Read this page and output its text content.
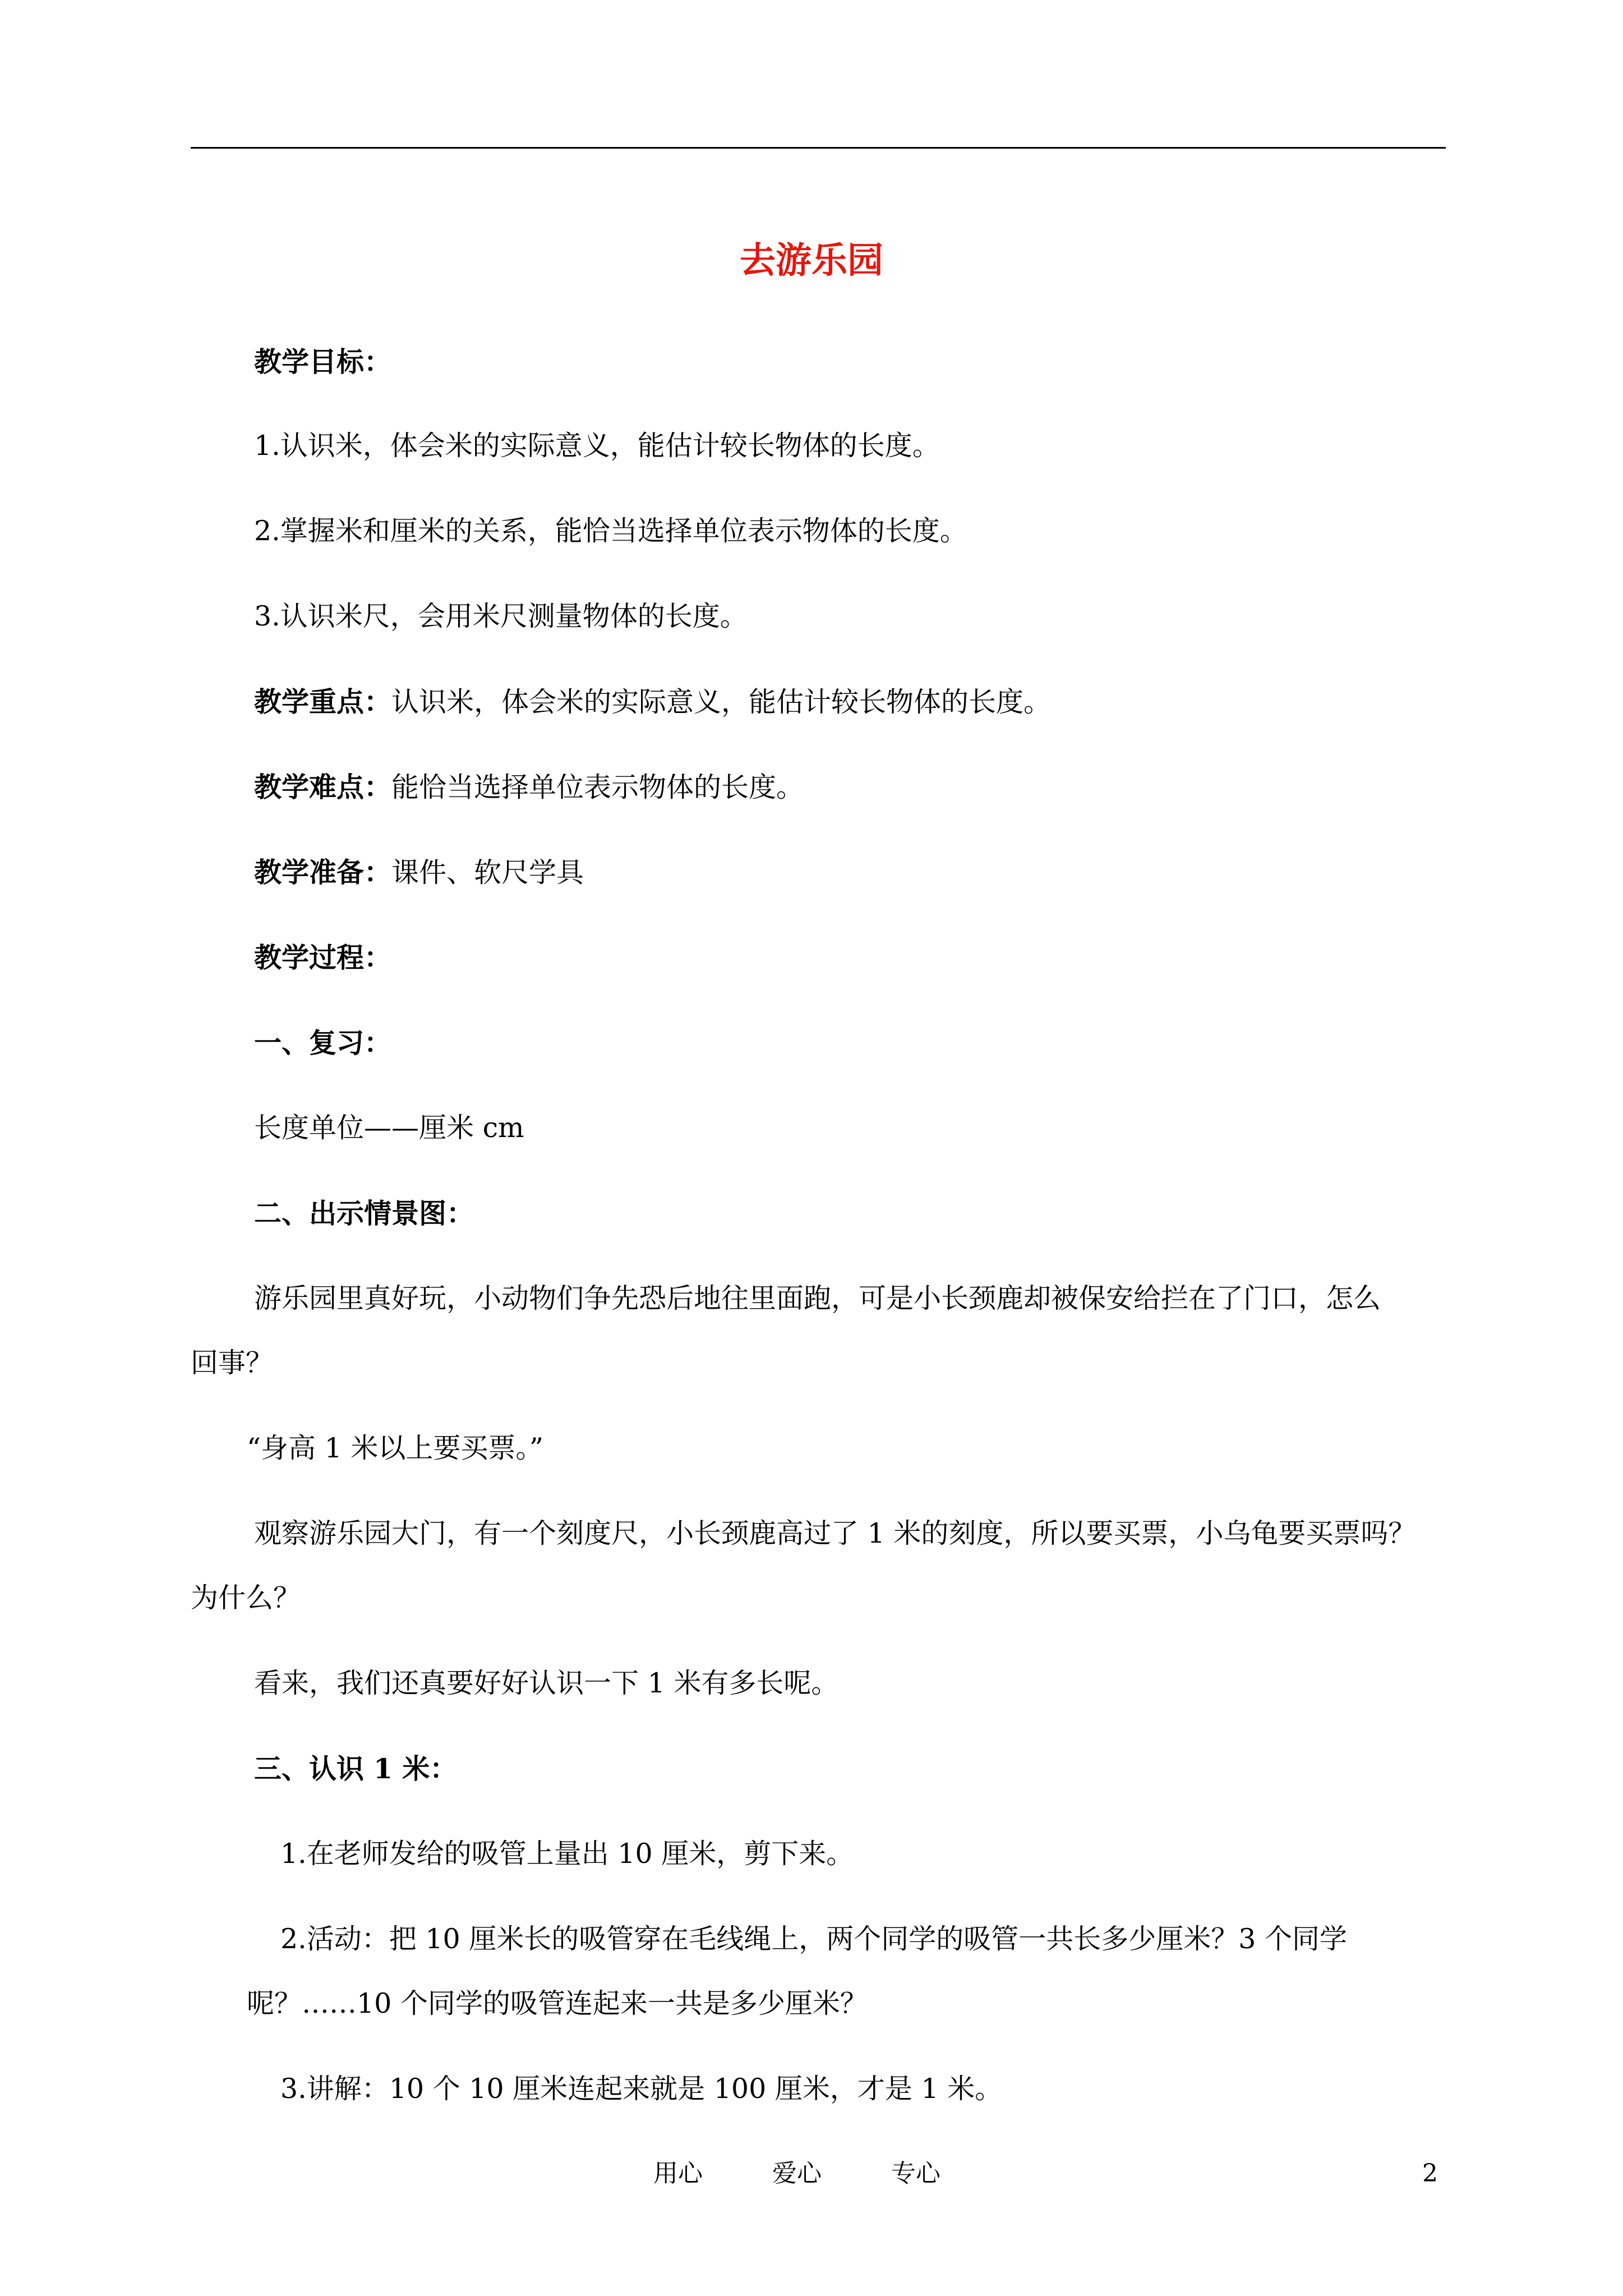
去游乐园
教学目标：
1.认识米，体会米的实际意义，能估计较长物体的长度。
2.掌握米和厘米的关系，能恰当选择单位表示物体的长度。
3.认识米尺，会用米尺测量物体的长度。
教学重点：认识米，体会米的实际意义，能估计较长物体的长度。
教学难点：能恰当选择单位表示物体的长度。
教学准备：课件、软尺学具
教学过程：
一、复习：
长度单位——厘米 cm
二、出示情景图：
游乐园里真好玩，小动物们争先恐后地往里面跑，可是小长颈鹿却被保安给拦在了门口，怎么
回事？
“身高 1 米以上要买票。”
观察游乐园大门，有一个刻度尺，小长颈鹿高过了 1 米的刻度，所以要买票，小乌龟要买票吗？
为什么？
看来，我们还真要好好认识一下 1 米有多长呢。
三、认识 1 米：
1.在老师发给的吸管上量出 10 厘米，剪下来。
2.活动：把 10 厘米长的吸管穿在毛线绳上，两个同学的吸管一共长多少厘米？3 个同学
呢？……10 个同学的吸管连起来一共是多少厘米？
3.讲解：10 个 10 厘米连起来就是 100 厘米，才是 1 米。
用心	爱心	专心	2
